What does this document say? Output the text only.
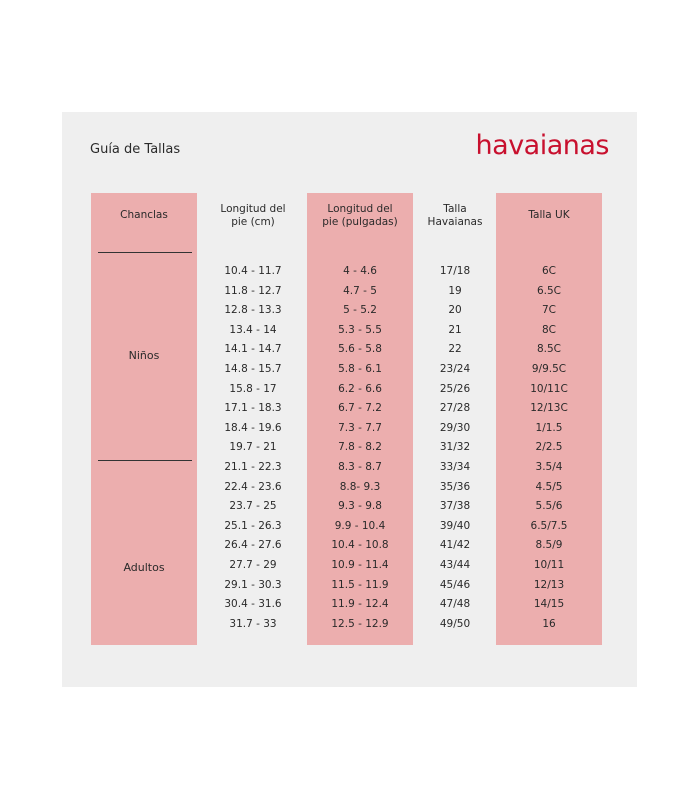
Guía de Tallas	havaianas
Chanclas	Longitud del
pie (cm)
Longitud del
pie (pulgadas)
Talla
Havaianas
Talla UK
Niños
Adultos
10.4 - 11.7
11.8 - 12.7
12.8 - 13.3
13.4 - 14
14.1 - 14.7
14.8 - 15.7
15.8 - 17
17.1 - 18.3
18.4 - 19.6
19.7 - 21
21.1 - 22.3
22.4 - 23.6
23.7 - 25
25.1 - 26.3
26.4 - 27.6
27.7 - 29
29.1 - 30.3
30.4 - 31.6
31.7 - 33
4 - 4.6
4.7 - 5
5 - 5.2
5.3 - 5.5
5.6 - 5.8
5.8 - 6.1
6.2 - 6.6
6.7 - 7.2
7.3 - 7.7
7.8 - 8.2
8.3 - 8.7
8.8- 9.3
9.3 - 9.8
9.9 - 10.4
10.4 - 10.8
10.9 - 11.4
11.5 - 11.9
11.9 - 12.4
12.5 - 12.9
17/18
19
20
21
22
23/24
25/26
27/28
29/30
31/32
33/34
35/36
37/38
39/40
41/42
43/44
45/46
47/48
49/50
6C
6.5C
7C
8C
8.5C
9/9.5C
10/11C
12/13C
1/1.5
2/2.5
3.5/4
4.5/5
5.5/6
6.5/7.5
8.5/9
10/11
12/13
14/15
16
